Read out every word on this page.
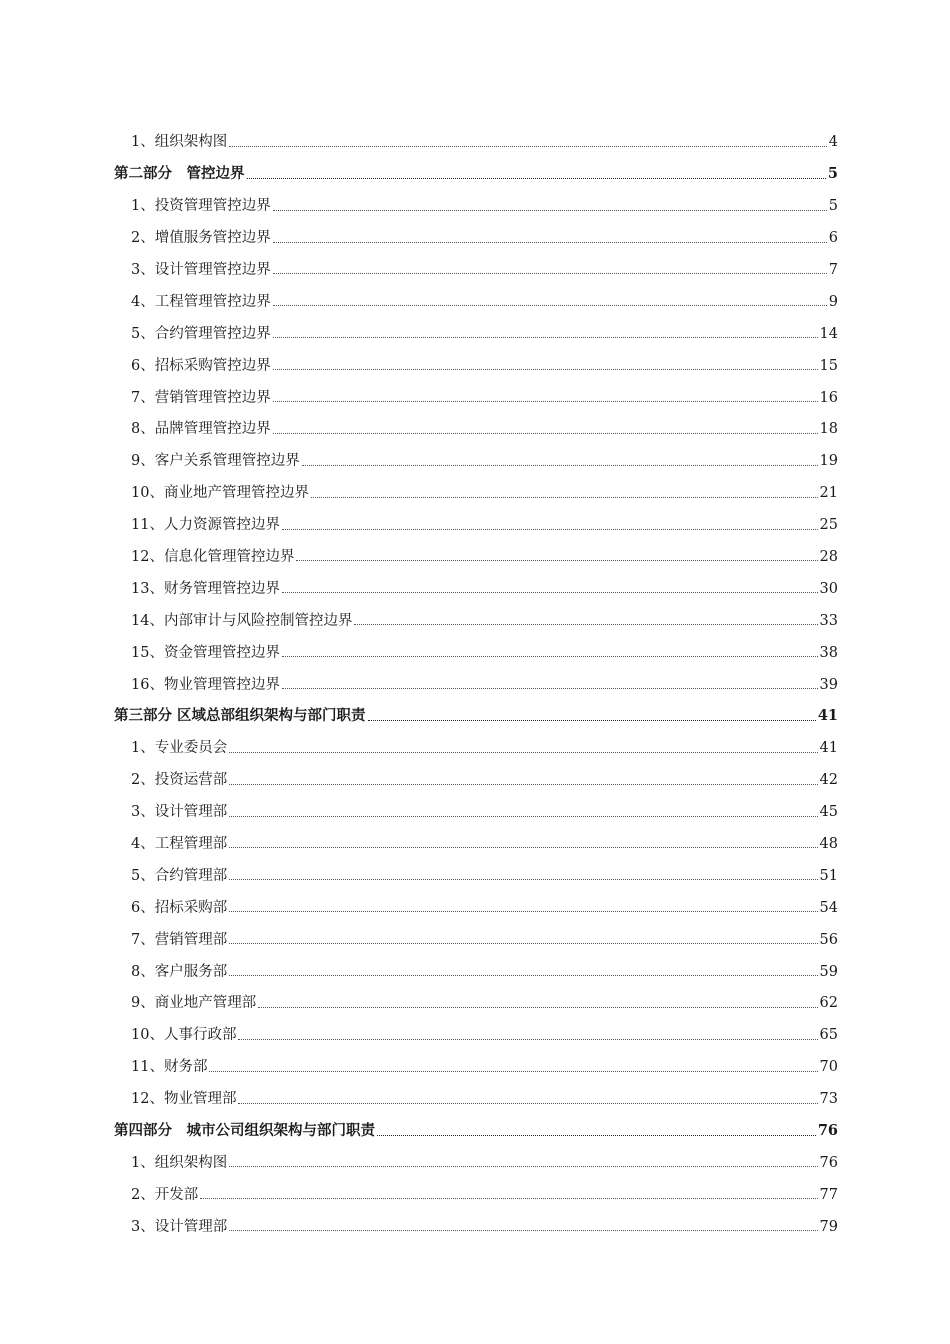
1、组织架构图	4
第二部分　管控边界	5
1、投资管理管控边界	5
2、增值服务管控边界	6
3、设计管理管控边界	7
4、工程管理管控边界	9
5、合约管理管控边界	14
6、招标采购管控边界	15
7、营销管理管控边界	16
8、品牌管理管控边界	18
9、客户关系管理管控边界	19
10、商业地产管理管控边界	21
11、人力资源管控边界	25
12、信息化管理管控边界	28
13、财务管理管控边界	30
14、内部审计与风险控制管控边界	33
15、资金管理管控边界	38
16、物业管理管控边界	39
第三部分 区域总部组织架构与部门职责	41
1、专业委员会	41
2、投资运营部	42
3、设计管理部	45
4、工程管理部	48
5、合约管理部	51
6、招标采购部	54
7、营销管理部	56
8、客户服务部	59
9、商业地产管理部	62
10、人事行政部	65
11、财务部	70
12、物业管理部	73
第四部分　城市公司组织架构与部门职责	76
1、组织架构图	76
2、开发部	77
3、设计管理部	79
